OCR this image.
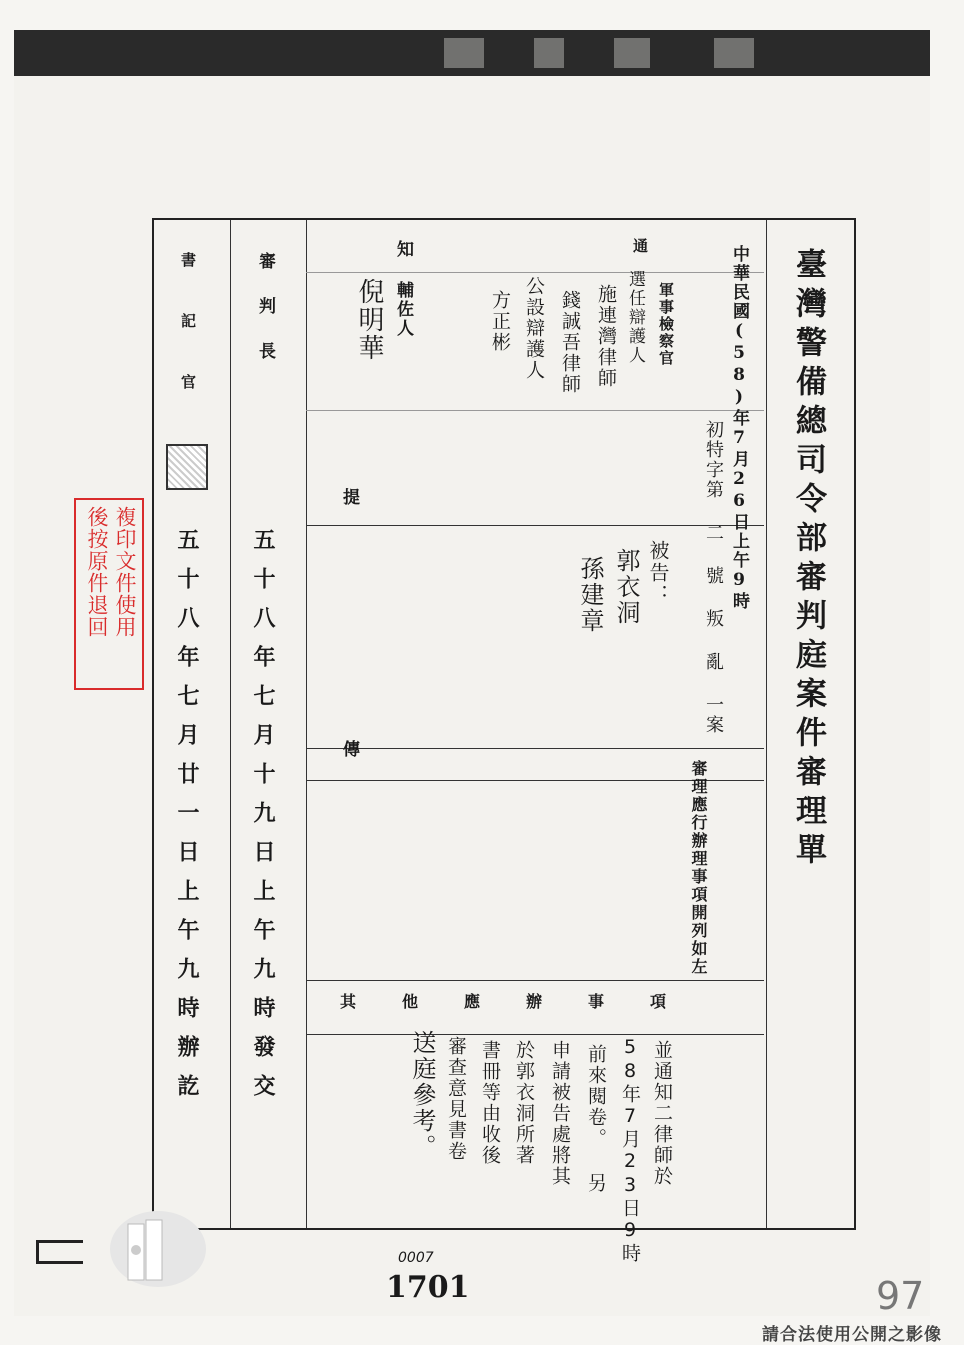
臺灣警備總司令部審判庭案件審理單
中華民國(58)年7月26日上午9時
初特字第 二 號 叛 亂 一案
審理應行辦理事項開列如左
通
軍事檢察官
選任辯護人
施連灣律師
錢誠吾律師
公設辯護人
方正彬
知 輔佐人
倪明華
提
被告：
郭衣洞
孫建章
傳
其他應辦事項
並通知二律師於
58年7月23日9時
前來閱卷。 另
申請被告處將其
於郭衣洞所著
書冊等由收後
審查意見書卷
送庭參考。
審判長
五十八年七月十九日上午九時發交
書記官
五十八年七月廿一日上午九時辦訖
複印文件使用
後按原件退回
0007
1701	97
請合法使用公開之影像
